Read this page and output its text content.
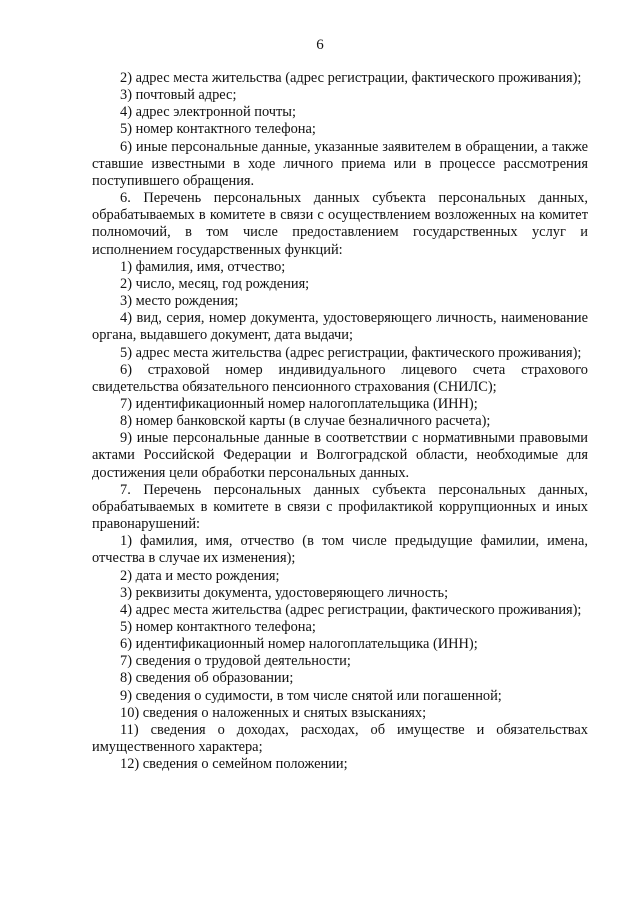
6

2) адрес места жительства (адрес регистрации, фактического проживания);

3) почтовый адрес;

4) адрес электронной почты;

5) номер контактного телефона;

6) иные персональные данные, указанные заявителем в обращении, а также ставшие известными в ходе личного приема или в процессе рассмотрения поступившего обращения.

6. Перечень персональных данных субъекта персональных данных, обрабатываемых в комитете в связи с осуществлением возложенных на комитет полномочий, в том числе предоставлением государственных услуг и исполнением государственных функций:

1) фамилия, имя, отчество;

2) число, месяц, год рождения;

3) место рождения;

4) вид, серия, номер документа, удостоверяющего личность, наименование органа, выдавшего документ, дата выдачи;

5) адрес места жительства (адрес регистрации, фактического проживания);

6) страховой номер индивидуального лицевого счета страхового свидетельства обязательного пенсионного страхования (СНИЛС);

7) идентификационный номер налогоплательщика (ИНН);

8) номер банковской карты (в случае безналичного расчета);

9) иные персональные данные в соответствии с нормативными правовыми актами Российской Федерации и Волгоградской области, необходимые для достижения цели обработки персональных данных.

7. Перечень персональных данных субъекта персональных данных, обрабатываемых в комитете в связи с профилактикой коррупционных и иных правонарушений:

1) фамилия, имя, отчество (в том числе предыдущие фамилии, имена, отчества в случае их изменения);

2) дата и место рождения;

3) реквизиты документа, удостоверяющего личность;

4) адрес места жительства (адрес регистрации, фактического проживания);

5) номер контактного телефона;

6) идентификационный номер налогоплательщика (ИНН);

7) сведения о трудовой деятельности;

8) сведения об образовании;

9) сведения о судимости, в том числе снятой или погашенной;

10) сведения о наложенных и снятых взысканиях;

11) сведения о доходах, расходах, об имуществе и обязательствах имущественного характера;

12) сведения о семейном положении;
